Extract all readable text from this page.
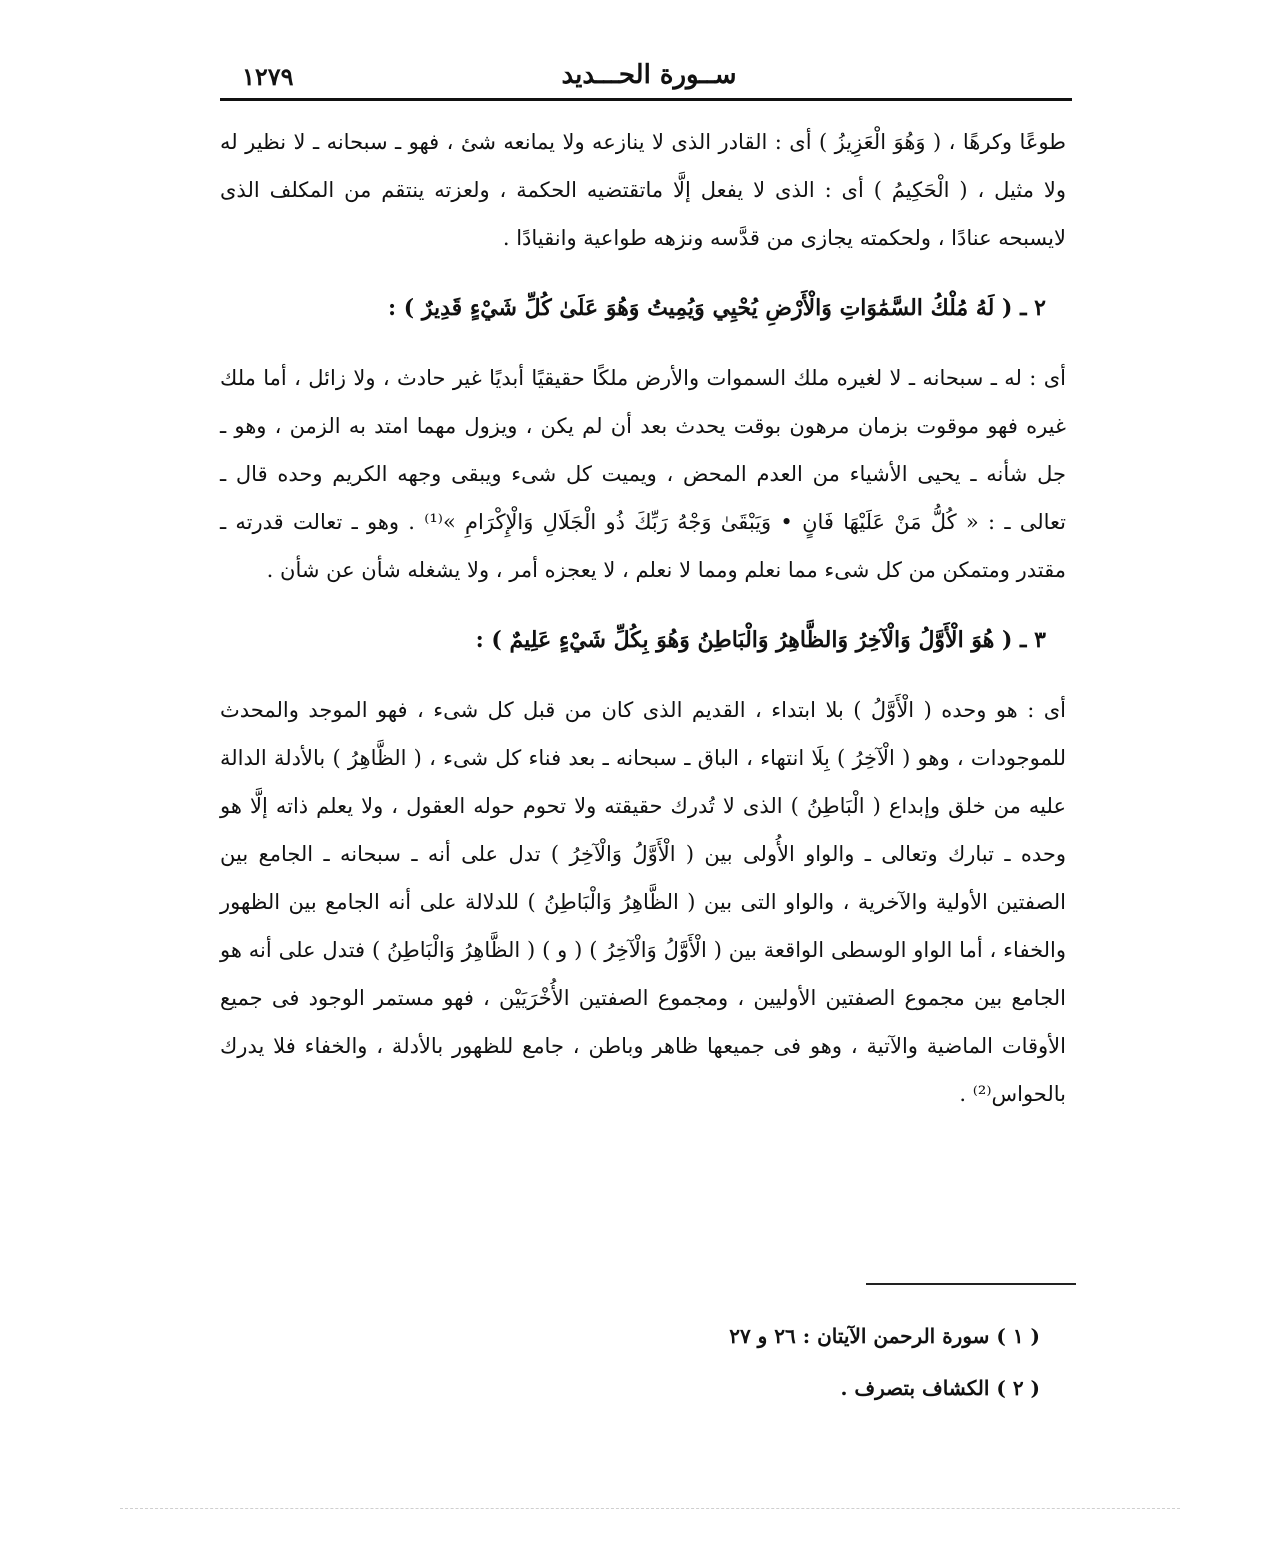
ســورة الحـــديد
١٢٧٩

طوعًا وكرهًا ، ( وَهُوَ الْعَزِيزُ ) أى : القادر الذى لا ينازعه ولا يمانعه شئ ، فهو ـ سبحانه ـ لا نظير له ولا مثيل ، ( الْحَكِيمُ ) أى : الذى لا يفعل إلَّا ماتقتضيه الحكمة ، ولعزته ينتقم من المكلف الذى لايسبحه عنادًا ، ولحكمته يجازى من قدَّسه ونزهه طواعية وانقيادًا .

٢ ـ ( لَهُ مُلْكُ السَّمَٰوَاتِ وَالْأَرْضِ يُحْيِي وَيُمِيتُ وَهُوَ عَلَىٰ كُلِّ شَيْءٍ قَدِيرٌ ) :

أى : له ـ سبحانه ـ لا لغيره ملك السموات والأرض ملكًا حقيقيًا أبديًا غير حادث ، ولا زائل ، أما ملك غيره فهو موقوت بزمان مرهون بوقت يحدث بعد أن لم يكن ، ويزول مهما امتد به الزمن ، وهو ـ جل شأنه ـ يحيى الأشياء من العدم المحض ، ويميت كل شىء ويبقى وجهه الكريم وحده قال ـ تعالى ـ : « كُلُّ مَنْ عَلَيْهَا فَانٍ • وَيَبْقَىٰ وَجْهُ رَبِّكَ ذُو الْجَلَالِ وَالْإِكْرَامِ »⁽¹⁾ . وهو ـ تعالت قدرته ـ مقتدر ومتمكن من كل شىء مما نعلم ومما لا نعلم ، لا يعجزه أمر ، ولا يشغله شأن عن شأن .

٣ ـ ( هُوَ الْأَوَّلُ وَالْآخِرُ وَالظَّاهِرُ وَالْبَاطِنُ وَهُوَ بِكُلِّ شَيْءٍ عَلِيمٌ ) :

أى : هو وحده ( الْأَوَّلُ ) بلا ابتداء ، القديم الذى كان من قبل كل شىء ، فهو الموجد والمحدث للموجودات ، وهو ( الْآخِرُ ) بِلَا انتهاء ، الباق ـ سبحانه ـ بعد فناء كل شىء ، ( الظَّاهِرُ ) بالأدلة الدالة عليه من خلق وإبداع ( الْبَاطِنُ ) الذى لا تُدرك حقيقته ولا تحوم حوله العقول ، ولا يعلم ذاته إلَّا هو وحده ـ تبارك وتعالى ـ والواو الأُولى بين ( الْأَوَّلُ وَالْآخِرُ ) تدل على أنه ـ سبحانه ـ الجامع بين الصفتين الأولية والآخرية ، والواو التى بين ( الظَّاهِرُ وَالْبَاطِنُ ) للدلالة على أنه الجامع بين الظهور والخفاء ، أما الواو الوسطى الواقعة بين ( الْأَوَّلُ وَالْآخِرُ ) ( و ) ( الظَّاهِرُ وَالْبَاطِنُ ) فتدل على أنه هو الجامع بين مجموع الصفتين الأوليين ، ومجموع الصفتين الأُخْرَيَيْن ، فهو مستمر الوجود فى جميع الأوقات الماضية والآتية ، وهو فى جميعها ظاهر وباطن ، جامع للظهور بالأدلة ، والخفاء فلا يدرك بالحواس⁽²⁾ .

( ١ ) سورة الرحمن الآيتان : ٢٦ و ٢٧

( ٢ ) الكشاف بتصرف .
